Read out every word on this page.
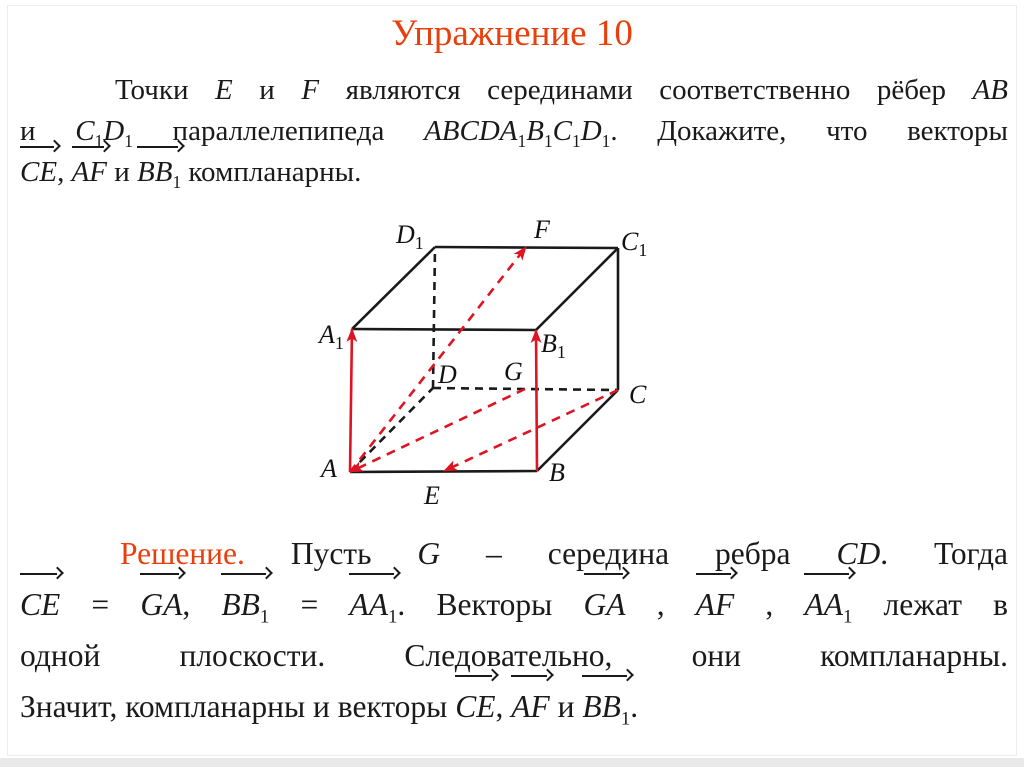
Упражнение 10
Точки E и F являются серединами соответственно рёбер AB
и $C_1D_1$ параллелепипеда $ABCDA_1B_1C_1D_1$. Докажите, что векторы
CE, AF и $BB_1$ компланарны.
$D_1$	F	$C_1$
$A_1$	$B_1$
D G
C
A	B
E
Решение. Пусть G – середина ребра CD. Тогда
CE = GA, $BB_1 = AA_1$. Векторы GA , AF , $AA_1$ лежат в
одной плоскости. Следовательно, они компланарны.
Значит, компланарны и векторы CE, AF и $BB_1$.
